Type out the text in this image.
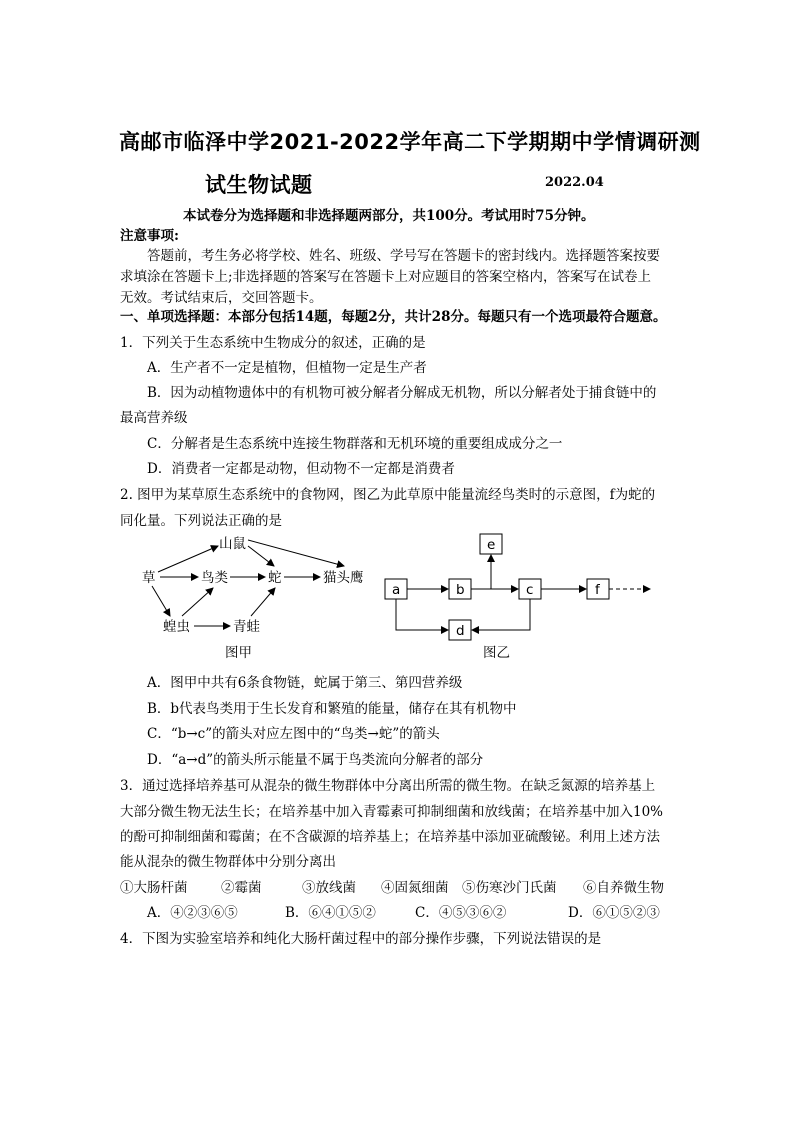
高邮市临泽中学2021-2022学年高二下学期期中学情调研测
试生物试题	2022.04
本试卷分为选择题和非选择题两部分，共100分。考试用时75分钟。
注意事项:
答题前，考生务必将学校、姓名、班级、学号写在答题卡的密封线内。选择题答案按要
求填涂在答题卡上;非选择题的答案写在答题卡上对应题目的答案空格内，答案写在试卷上
无效。考试结束后，交回答题卡。
一、单项选择题：本部分包括14题，每题2分，共计28分。每题只有一个选项最符合题意。
1．下列关于生态系统中生物成分的叙述，正确的是
A．生产者不一定是植物，但植物一定是生产者
B．因为动植物遗体中的有机物可被分解者分解成无机物，所以分解者处于捕食链中的
最高营养级
C．分解者是生态系统中连接生物群落和无机环境的重要组成成分之一
D．消费者一定都是动物，但动物不一定都是消费者
2. 图甲为某草原生态系统中的食物网，图乙为此草原中能量流经鸟类时的示意图，f为蛇的
同化量。下列说法正确的是
山鼠
草	鸟类	蛇	猫头鹰
蝗虫	青蛙
图甲
a	b
e
c	f
d
图乙
A．图甲中共有6条食物链，蛇属于第三、第四营养级
B．b代表鸟类用于生长发育和繁殖的能量，储存在其有机物中
C．“b→c”的箭头对应左图中的“鸟类→蛇”的箭头
D．“a→d”的箭头所示能量不属于鸟类流向分解者的部分
3．通过选择培养基可从混杂的微生物群体中分离出所需的微生物。在缺乏氮源的培养基上
大部分微生物无法生长；在培养基中加入青霉素可抑制细菌和放线菌；在培养基中加入10%
的酚可抑制细菌和霉菌；在不含碳源的培养基上；在培养基中添加亚硫酸铋。利用上述方法
能从混杂的微生物群体中分别分离出
①大肠杆菌 ②霉菌	③放线菌 ④固氮细菌 ⑤伤寒沙门氏菌 ⑥自养微生物
A．④②③⑥⑤	B．⑥④①⑤②	C．④⑤③⑥②	D．⑥①⑤②③
4．下图为实验室培养和纯化大肠杆菌过程中的部分操作步骤，下列说法错误的是
